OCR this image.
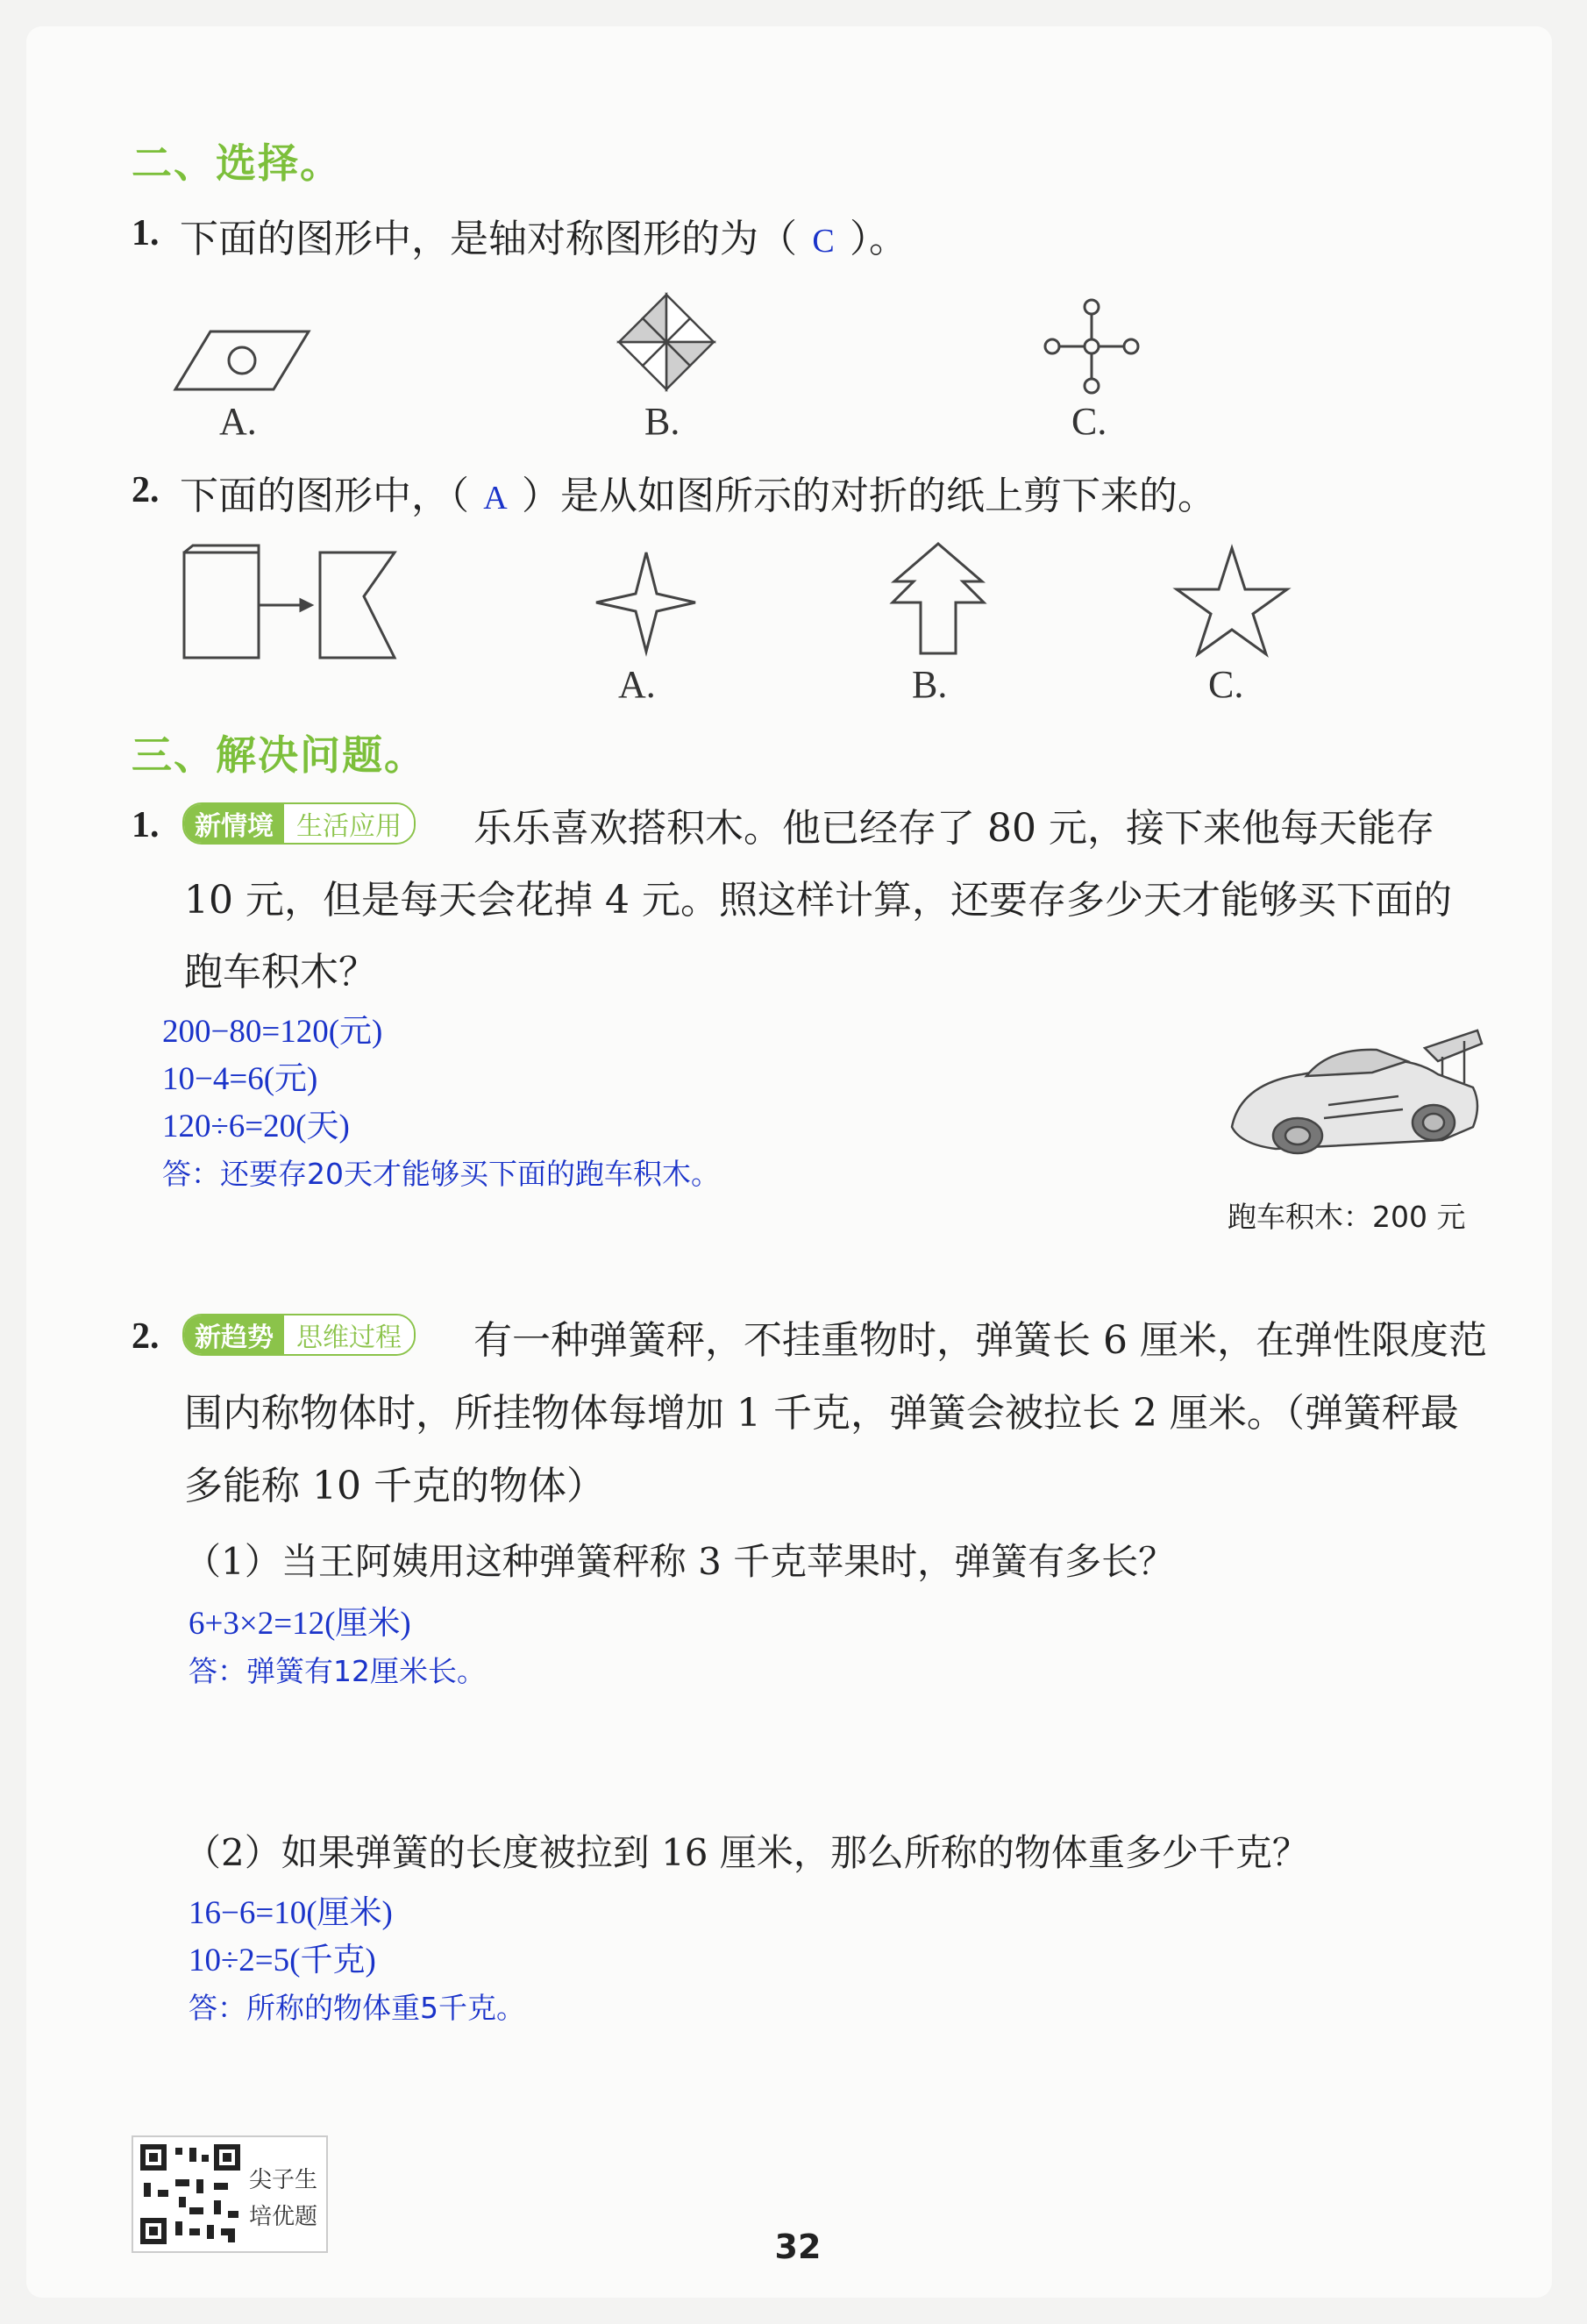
二、选择。
1. 下面的图形中，是轴对称图形的为（ C ）。
A.	B.	C.
2. 下面的图形中，（ A ）是从如图所示的对折的纸上剪下来的。
A.	B.	C.
三、解决问题。
1.	新情境 生活应用	乐乐喜欢搭积木。他已经存了 80 元，接下来他每天能存
10 元，但是每天会花掉 4 元。照这样计算，还要存多少天才能够买下面的
跑车积木？
200−80=120(元)
10−4=6(元)
120÷6=20(天)
答：还要存20天才能够买下面的跑车积木。
跑车积木：200 元
2.	新趋势 思维过程	有一种弹簧秤，不挂重物时，弹簧长 6 厘米，在弹性限度范
围内称物体时，所挂物体每增加 1 千克，弹簧会被拉长 2 厘米。（弹簧秤最
多能称 10 千克的物体）
（1）当王阿姨用这种弹簧秤称 3 千克苹果时，弹簧有多长？
6+3×2=12(厘米)
答：弹簧有12厘米长。
（2）如果弹簧的长度被拉到 16 厘米，那么所称的物体重多少千克？
16−6=10(厘米)
10÷2=5(千克)
答：所称的物体重5千克。
尖子生
培优题
32
